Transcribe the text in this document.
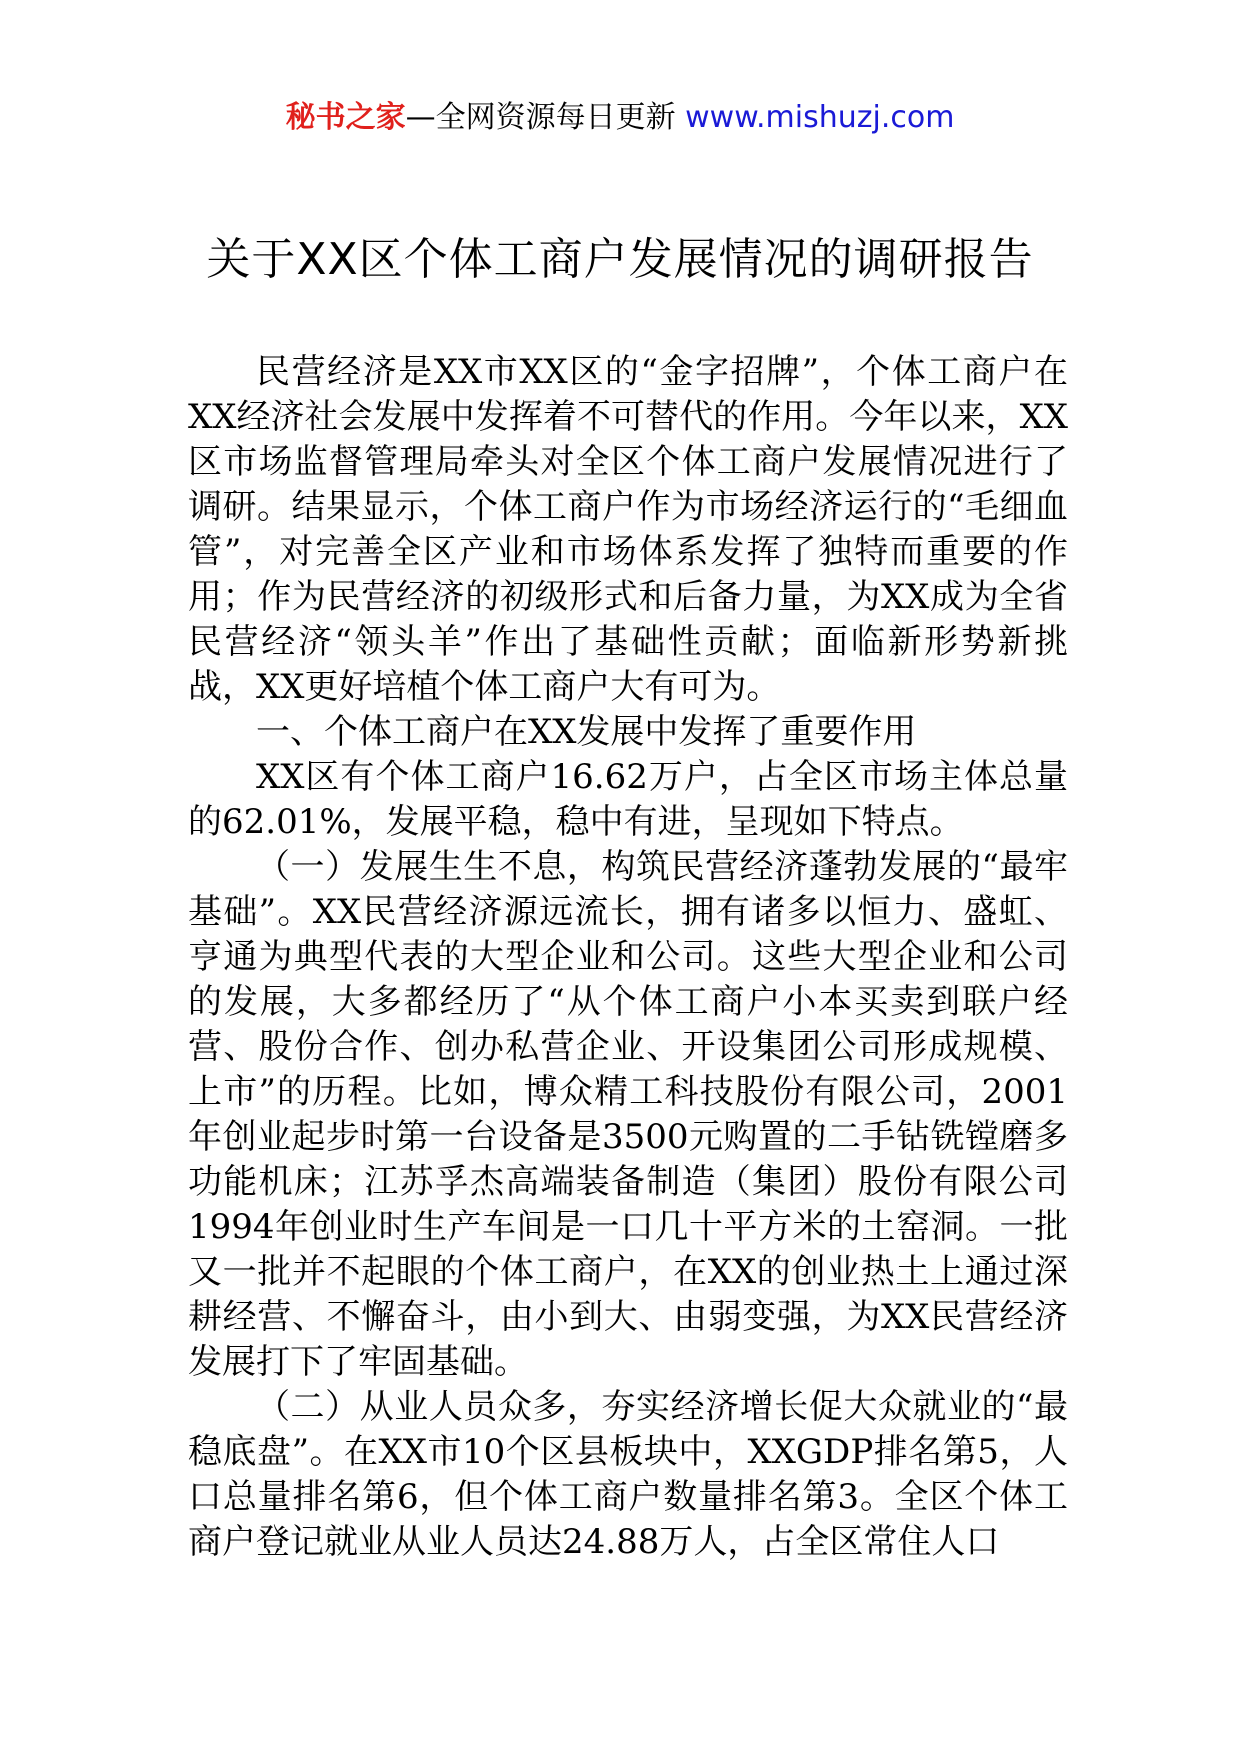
秘书之家—全网资源每日更新 www.mishuzj.com
关于XX区个体工商户发展情况的调研报告

民营经济是XX市XX区的“金字招牌”，个体工商户在XX经济社会发展中发挥着不可替代的作用。今年以来，XX区市场监督管理局牵头对全区个体工商户发展情况进行了调研。结果显示，个体工商户作为市场经济运行的“毛细血管”，对完善全区产业和市场体系发挥了独特而重要的作用；作为民营经济的初级形式和后备力量，为XX成为全省民营经济“领头羊”作出了基础性贡献；面临新形势新挑战，XX更好培植个体工商户大有可为。

一、个体工商户在XX发展中发挥了重要作用

XX区有个体工商户16.62万户，占全区市场主体总量的62.01%，发展平稳，稳中有进，呈现如下特点。

（一）发展生生不息，构筑民营经济蓬勃发展的“最牢基础”。XX民营经济源远流长，拥有诸多以恒力、盛虹、亨通为典型代表的大型企业和公司。这些大型企业和公司的发展，大多都经历了“从个体工商户小本买卖到联户经营、股份合作、创办私营企业、开设集团公司形成规模、上市”的历程。比如，博众精工科技股份有限公司，2001年创业起步时第一台设备是3500元购置的二手钻铣镗磨多功能机床；江苏孚杰高端装备制造（集团）股份有限公司1994年创业时生产车间是一口几十平方米的土窑洞。一批又一批并不起眼的个体工商户，在XX的创业热土上通过深耕经营、不懈奋斗，由小到大、由弱变强，为XX民营经济发展打下了牢固基础。

（二）从业人员众多，夯实经济增长促大众就业的“最稳底盘”。在XX市10个区县板块中，XXGDP排名第5，人口总量排名第6，但个体工商户数量排名第3。全区个体工商户登记就业从业人员达24.88万人，占全区常住人口
